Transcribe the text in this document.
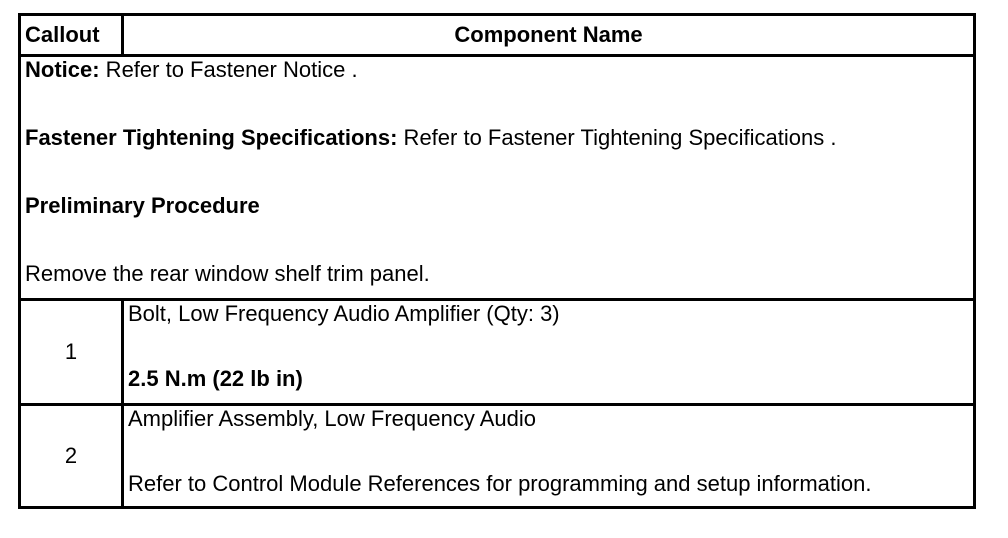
Callout	Component Name

Notice: Refer to Fastener Notice .

Fastener Tightening Specifications: Refer to Fastener Tightening Specifications .

Preliminary Procedure

Remove the rear window shelf trim panel.	

1	Bolt, Low Frequency Audio Amplifier (Qty: 3)

2.5 N.m (22 lb in)

2	Amplifier Assembly, Low Frequency Audio

Refer to Control Module References for programming and setup information.
